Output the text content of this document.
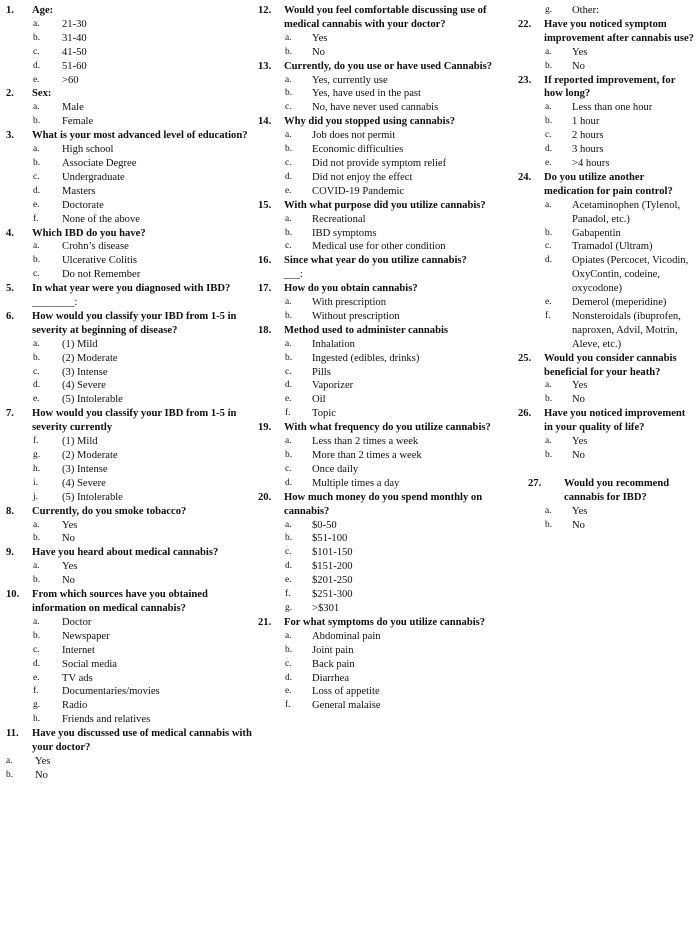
1.	Age:
a.	21-30
b.	31-40
c.	41-50
d.	51-60
e.	>60
2.	Sex:
a.	Male
b.	Female
3.	What is your most advanced level of education?
a.	High school
b.	Associate Degree
c.	Undergraduate
d.	Masters
e.	Doctorate
f.	None of the above
4.	Which IBD do you have?
a.	Crohn’s disease
b.	Ulcerative Colitis
c.	Do not Remember
5.	In what year were you diagnosed with IBD?
________:
6.	How would you classify your IBD from 1-5 in severity at beginning of disease?
a.	(1) Mild
b.	(2) Moderate
c.	(3) Intense
d.	(4) Severe
e.	(5) Intolerable
7.	How would you classify your IBD from 1-5 in severity currently
f.	(1) Mild
g.	(2) Moderate
h.	(3) Intense
i.	(4) Severe
j.	(5) Intolerable
8.	Currently, do you smoke tobacco?
a.	Yes
b.	No
9.	Have you heard about medical cannabis?
a.	Yes
b.	No
10.	From which sources have you obtained information on medical cannabis?
a.	Doctor
b.	Newspaper
c.	Internet
d.	Social media
e.	TV ads
f.	Documentaries/movies
g.	Radio
h.	Friends and relatives
11.	Have you discussed use of medical cannabis with your doctor?
a.	Yes
b.	No
12.	Would you feel comfortable discussing use of medical cannabis with your doctor?
a.	Yes
b.	No
13.	Currently, do you use or have used Cannabis?
a.	Yes, currently use
b.	Yes, have used in the past
c.	No, have never used cannabis
14.	Why did you stopped using cannabis?
a.	Job does not permit
b.	Economic difficulties
c.	Did not provide symptom relief
d.	Did not enjoy the effect
e.	COVID-19 Pandemic
15.	With what purpose did you utilize cannabis?
a.	Recreational
b.	IBD symptoms
c.	Medical use for other condition
16.	Since what year do you utilize cannabis?
___:
17.	How do you obtain cannabis?
a.	With prescription
b.	Without prescription
18.	Method used to administer cannabis
a.	Inhalation
b.	Ingested (edibles, drinks)
c.	Pills
d.	Vaporizer
e.	Oil
f.	Topic
19.	With what frequency do you utilize cannabis?
a.	Less than 2 times a week
b.	More than 2 times a week
c.	Once daily
d.	Multiple times a day
20.	How much money do you spend monthly on cannabis?
a.	$0-50
b.	$51-100
c.	$101-150
d.	$151-200
e.	$201-250
f.	$251-300
g.	>$301
21.	For what symptoms do you utilize cannabis?
a.	Abdominal pain
b.	Joint pain
c.	Back pain
d.	Diarrhea
e.	Loss of appetite
f.	General malaise
g.	Other:
22.	Have you noticed symptom improvement after cannabis use?
a.	Yes
b.	No
23.	If reported improvement, for how long?
a.	Less than one hour
b.	1 hour
c.	2 hours
d.	3 hours
e.	>4 hours
24.	Do you utilize another medication for pain control?
a.	Acetaminophen (Tylenol, Panadol, etc.)
b.	Gabapentin
c.	Tramadol (Ultram)
d.	Opiates (Percocet, Vicodin, OxyContin, codeine, oxycodone)
e.	Demerol (meperidine)
f.	Nonsteroidals (ibuprofen, naproxen, Advil, Motrin, Aleve, etc.)
25.	Would you consider cannabis beneficial for your heath?
a.	Yes
b.	No
26.	Have you noticed improvement in your quality of life?
a.	Yes
b.	No
27.	Would you recommend cannabis for IBD?
a.	Yes
b.	No
